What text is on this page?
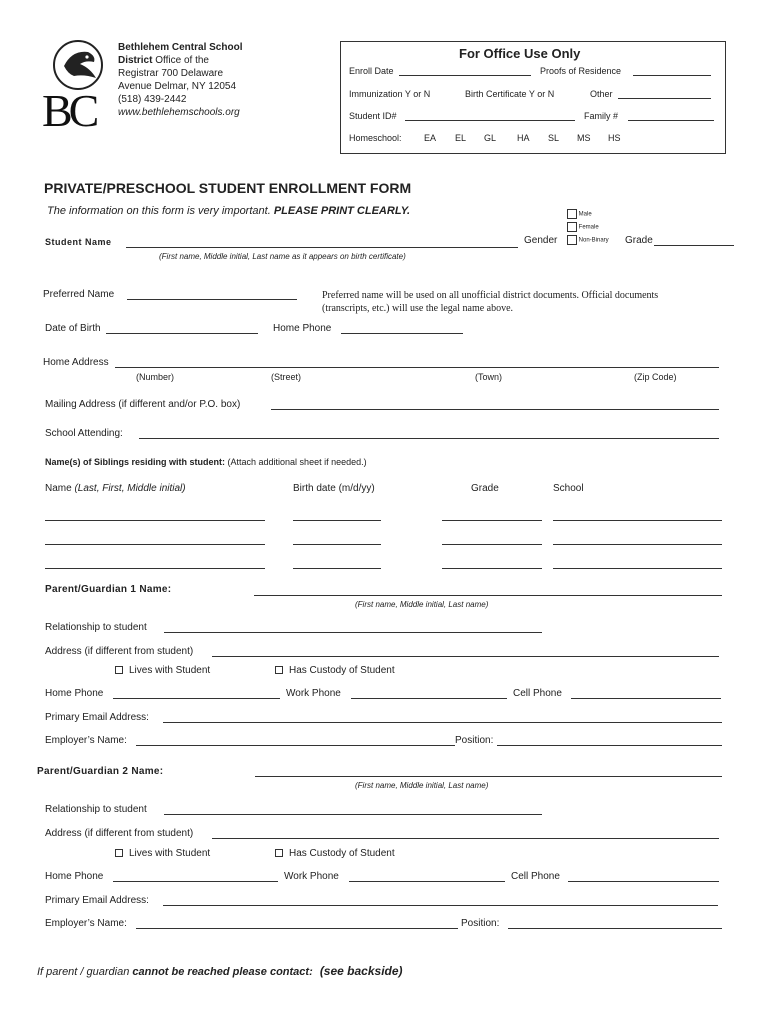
BC
Bethlehem Central School
District Office of the
Registrar 700 Delaware
Avenue Delmar, NY 12054
(518) 439-2442
www.bethlehemschools.org
For Office Use Only
Enroll Date	Proofs of Residence
Immunization Y or N	Birth Certificate Y or N	Other
Student ID#	Family #
Homeschool: EA EL GL HA SL MS HS
PRIVATE/PRESCHOOL STUDENT ENROLLMENT FORM
The information on this form is very important. PLEASE PRINT CLEARLY.	Male
Female
Non-Binary
Student Name	Gender	Grade
(First name, Middle initial, Last name as it appears on birth certificate)
Preferred Name	Preferred name will be used on all unofficial district documents. Official documents (transcripts, etc.) will use the legal name above.
Date of Birth	Home Phone
Home Address
(Number)	(Street)	(Town)	(Zip Code)
Mailing Address (if different and/or P.O. box)
School Attending:
Name(s) of Siblings residing with student: (Attach additional sheet if needed.)
Name (Last, First, Middle initial)	Birth date (m/d/yy)	Grade	School
Parent/Guardian 1 Name:
(First name, Middle initial, Last name)
Relationship to student
Address (if different from student)
Lives with Student	Has Custody of Student
Home Phone	Work Phone	Cell Phone
Primary Email Address:
Employer’s Name:	Position:
Parent/Guardian 2 Name:
(First name, Middle initial, Last name)
Relationship to student
Address (if different from student)
Lives with Student	Has Custody of Student
Home Phone	Work Phone	Cell Phone
Primary Email Address:
Employer’s Name:	Position:
If parent / guardian cannot be reached please contact: (see backside)
